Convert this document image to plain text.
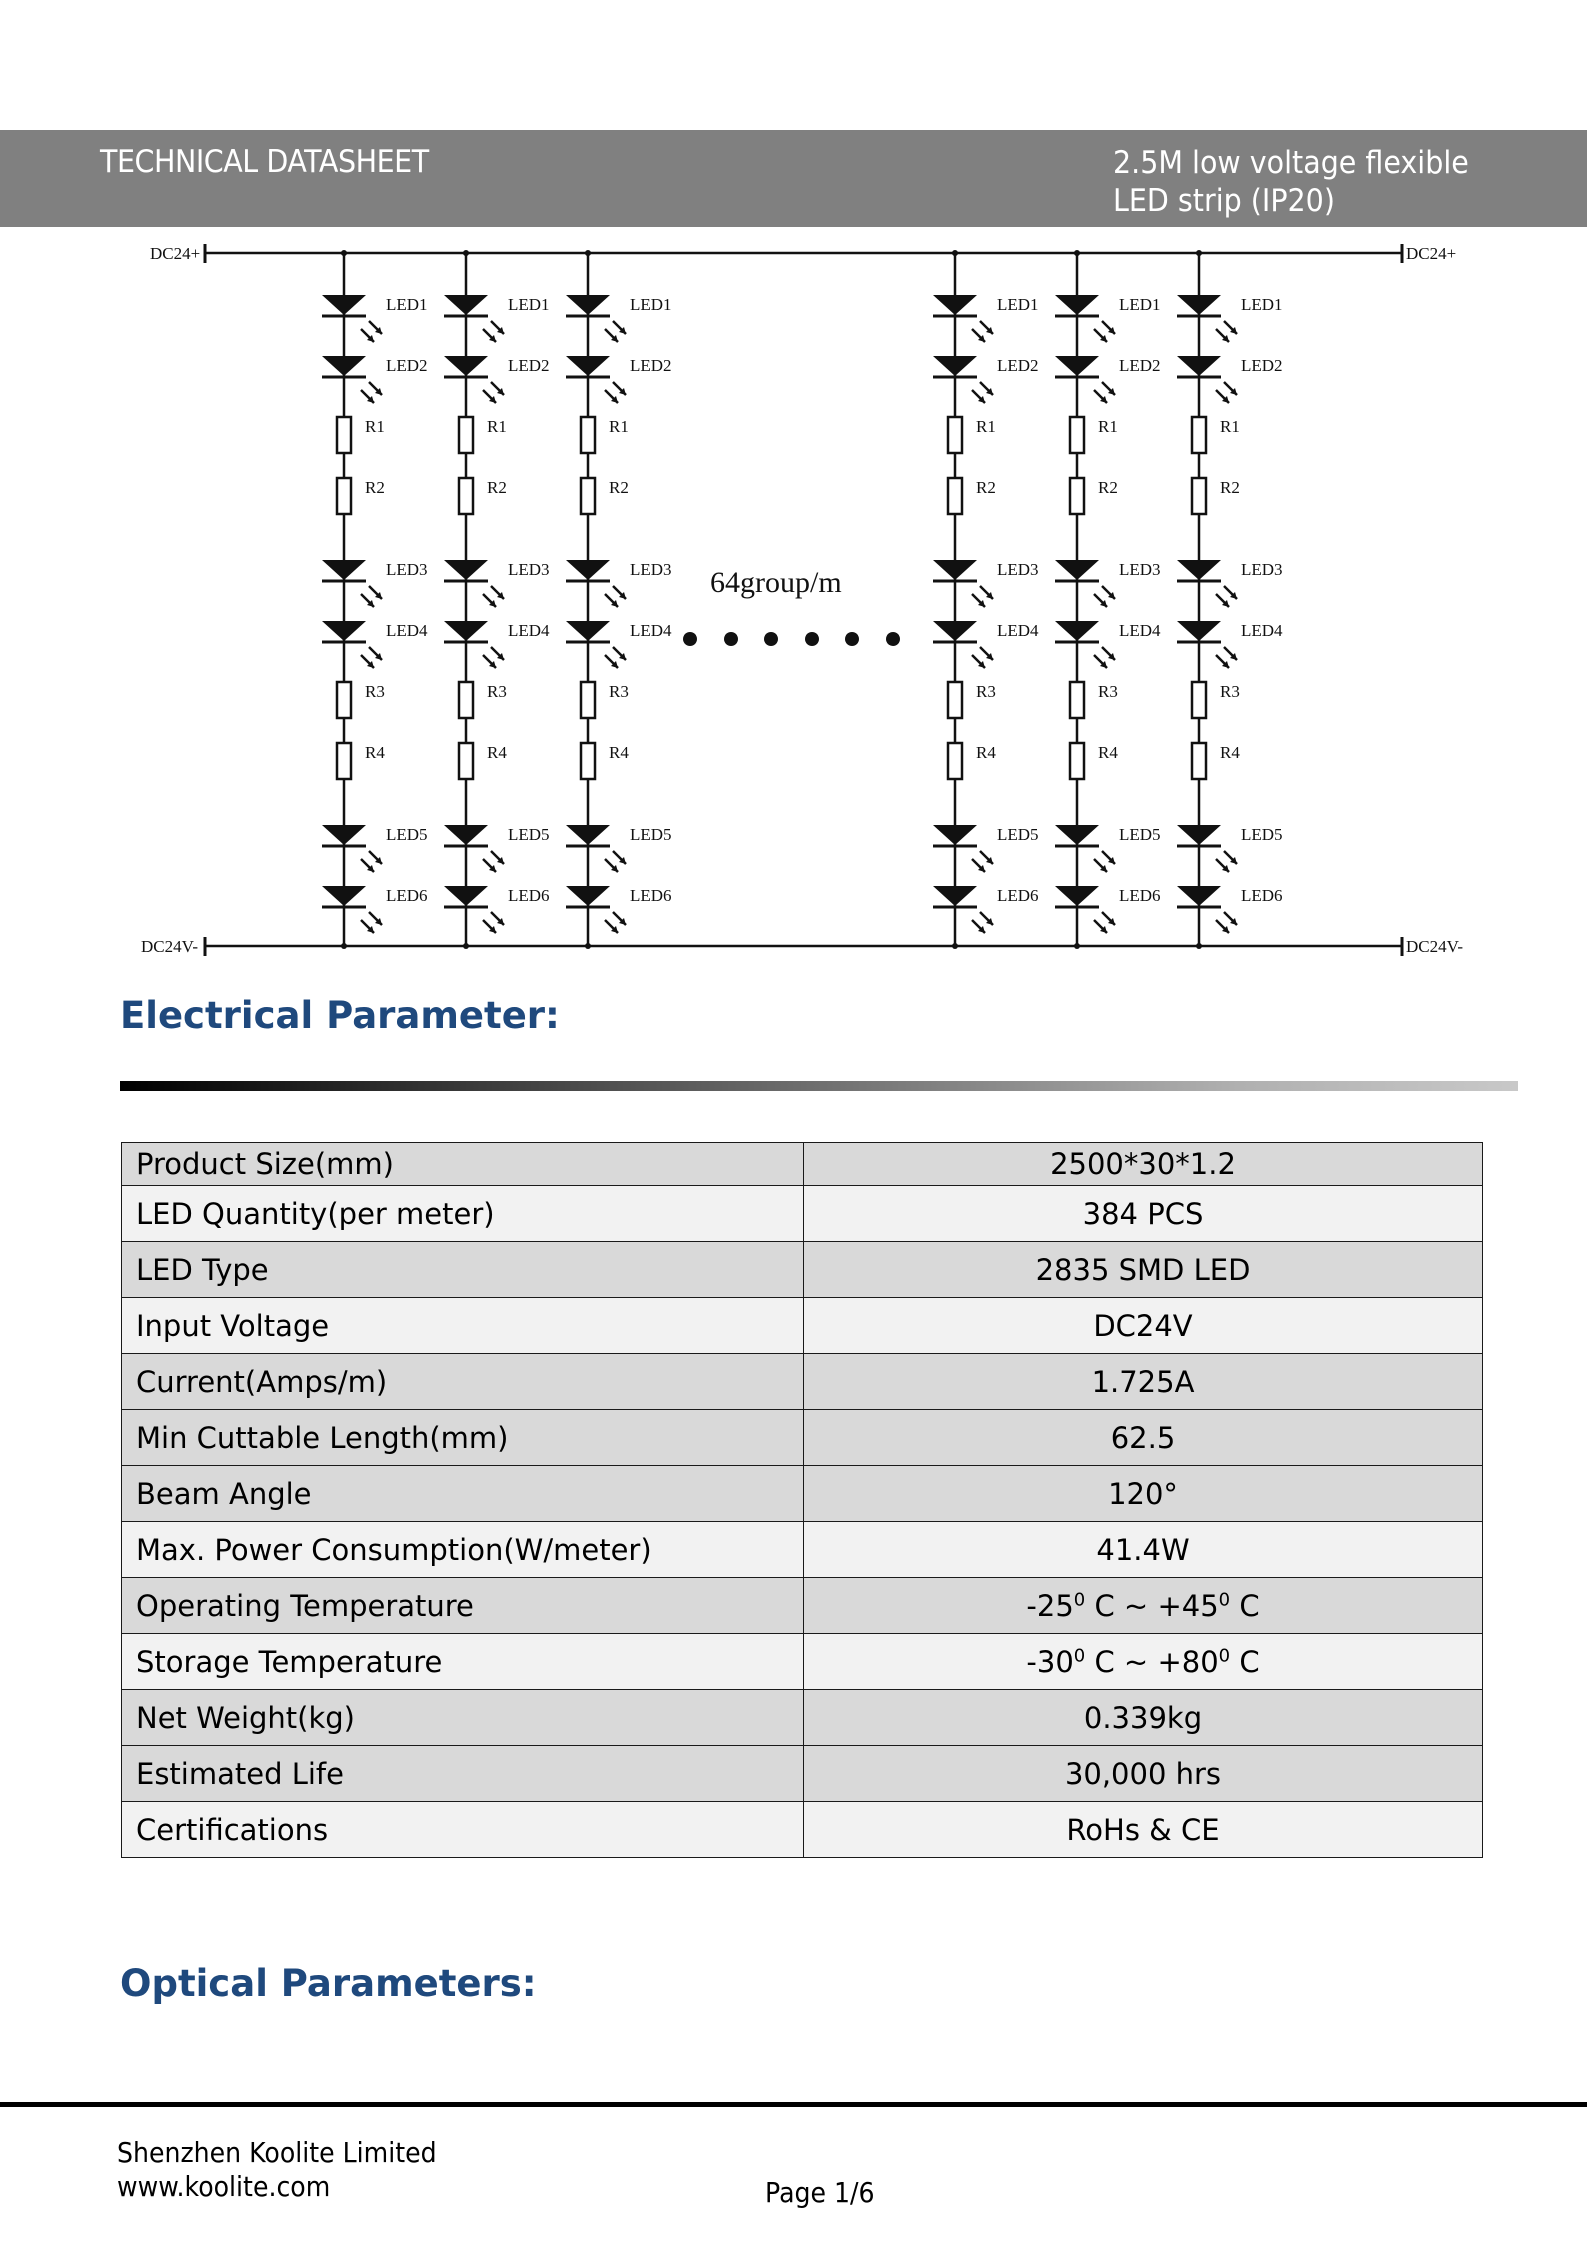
TECHNICAL DATASHEET	2.5M low voltage flexible
LED strip (IP20)
DC24+	DC24+
DC24V-	DC24V-
LED1
LED2
R1
R2
LED3
LED4
R3
R4
LED5
LED6
LED1
LED2
R1
R2
LED3
LED4
R3
R4
LED5
LED6
LED1
LED2
R1
R2
LED3
LED4
R3
R4
LED5
LED6
LED1
LED2
R1
R2
LED3
LED4
R3
R4
LED5
LED6
LED1
LED2
R1
R2
LED3
LED4
R3
R4
LED5
LED6
LED1
LED2
R1
R2
LED3
LED4
R3
R4
LED5
LED6
64group/m
Electrical Parameter:
Product Size(mm)	2500*30*1.2
LED Quantity(per meter)	384 PCS
LED Type	2835 SMD LED
Input Voltage	DC24V
Current(Amps/m)	1.725A
Min Cuttable Length(mm)	62.5
Beam Angle	120°
Max. Power Consumption(W/meter)	41.4W
Operating Temperature	$-25^0$ C ~ $+45^0$ C
Storage Temperature	$-30^0$ C ~ $+80^0$ C
Net Weight(kg)	0.339kg
Estimated Life	30,000 hrs
Certifications	RoHs & CE
Optical Parameters:
Shenzhen Koolite Limited
www.koolite.com	Page 1/6
